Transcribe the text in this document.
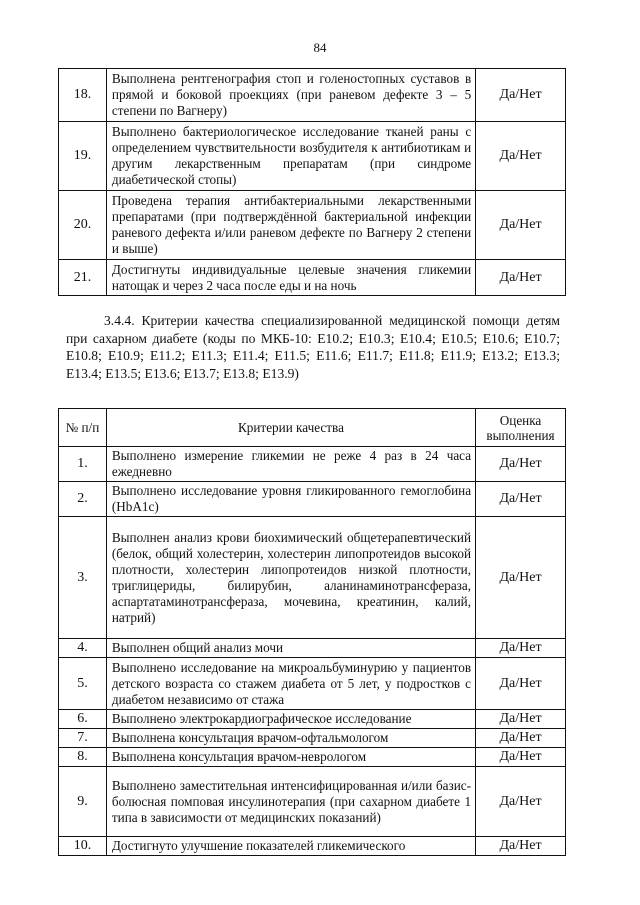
84
18.	Выполнена рентгенография стоп и голеностопных суставов в прямой и боковой проекциях (при раневом дефекте 3 – 5 степени по Вагнеру)	Да/Нет
19.	Выполнено бактериологическое исследование тканей раны с определением чувствительности возбудителя к антибиотикам и другим лекарственным препаратам (при синдроме диабетической стопы)	Да/Нет
20.	Проведена терапия антибактериальными лекарственными препаратами (при подтверждённой бактериальной инфекции раневого дефекта и/или раневом дефекте по Вагнеру 2 степени и выше)	Да/Нет
21.	Достигнуты индивидуальные целевые значения гликемии натощак и через 2 часа после еды и на ночь	Да/Нет
3.4.4. Критерии качества специализированной медицинской помощи детям при сахарном диабете (коды по МКБ-10: E10.2; E10.3; E10.4; E10.5; E10.6; E10.7; E10.8; E10.9; E11.2; E11.3; E11.4; E11.5; E11.6; E11.7; E11.8; E11.9; E13.2; E13.3; E13.4; E13.5; E13.6; E13.7; E13.8; E13.9)
№ п/п	Критерии качества	Оценка выполнения
1.	Выполнено измерение гликемии не реже 4 раз в 24 часа ежедневно	Да/Нет
2.	Выполнено исследование уровня гликированного гемоглобина (HbA1c)	Да/Нет
3.	Выполнен анализ крови биохимический общетерапевтический (белок, общий холестерин, холестерин липопротеидов высокой плотности, холестерин липопротеидов низкой плотности, триглицериды, билирубин, аланинаминотрансфераза, аспартатаминотрансфераза, мочевина, креатинин, калий, натрий)	Да/Нет
4.	Выполнен общий анализ мочи	Да/Нет
5.	Выполнено исследование на микроальбуминурию у пациентов детского возраста со стажем диабета от 5 лет, у подростков с диабетом независимо от стажа	Да/Нет
6.	Выполнено электрокардиографическое исследование	Да/Нет
7.	Выполнена консультация врачом-офтальмологом	Да/Нет
8.	Выполнена консультация врачом-неврологом	Да/Нет
9.	Выполнено заместительная интенсифицированная и/или базис-болюсная помповая инсулинотерапия (при сахарном диабете 1 типа в зависимости от медицинских показаний)	Да/Нет
10.	Достигнуто улучшение показателей гликемического	Да/Нет
